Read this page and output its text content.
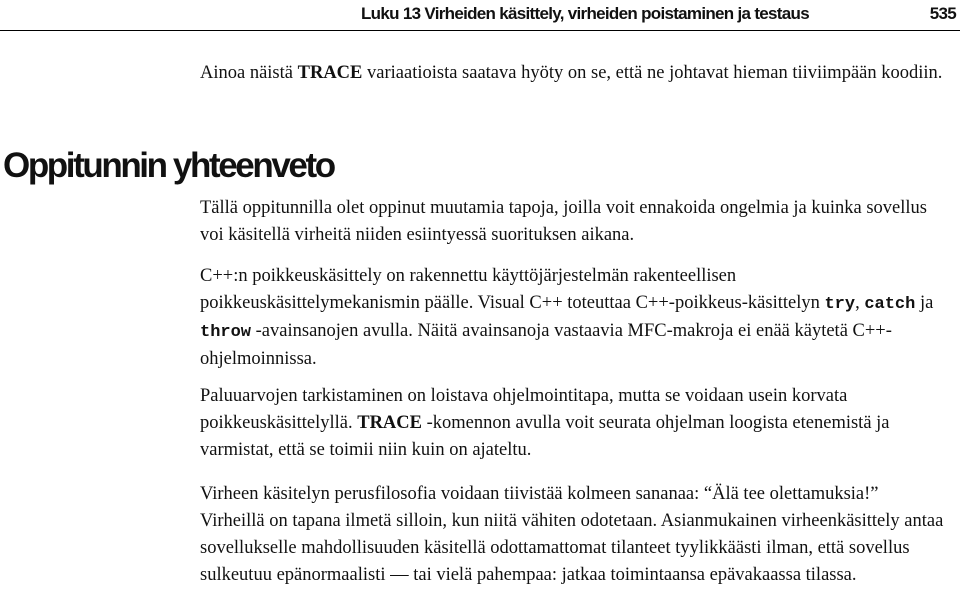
Luku 13 Virheiden käsittely, virheiden poistaminen ja testaus	535

Ainoa näistä TRACE variaatioista saatava hyöty on se, että ne johtavat hieman tiiviimpään koodiin.

Oppitunnin yhteenveto

Tällä oppitunnilla olet oppinut muutamia tapoja, joilla voit ennakoida ongelmia ja kuinka sovellus voi käsitellä virheitä niiden esiintyessä suorituksen aikana.

C++:n poikkeuskäsittely on rakennettu käyttöjärjestelmän rakenteellisen poikkeuskäsittelymekanismin päälle. Visual C++ toteuttaa C++-poikkeus-käsittelyn try, catch ja throw -avainsanojen avulla. Näitä avainsanoja vastaavia MFC-makroja ei enää käytetä C++-ohjelmoinnissa.

Paluuarvojen tarkistaminen on loistava ohjelmointitapa, mutta se voidaan usein korvata poikkeuskäsittelyllä. TRACE -komennon avulla voit seurata ohjelman loogista etenemistä ja varmistat, että se toimii niin kuin on ajateltu.

Virheen käsitelyn perusfilosofia voidaan tiivistää kolmeen sananaa: “Älä tee olettamuksia!” Virheillä on tapana ilmetä silloin, kun niitä vähiten odotetaan. Asianmukainen virheenkäsittely antaa sovellukselle mahdollisuuden käsitellä odottamattomat tilanteet tyylikkäästi ilman, että sovellus sulkeutuu epänormaalisti — tai vielä pahempaa: jatkaa toimintaansa epävakaassa tilassa.
